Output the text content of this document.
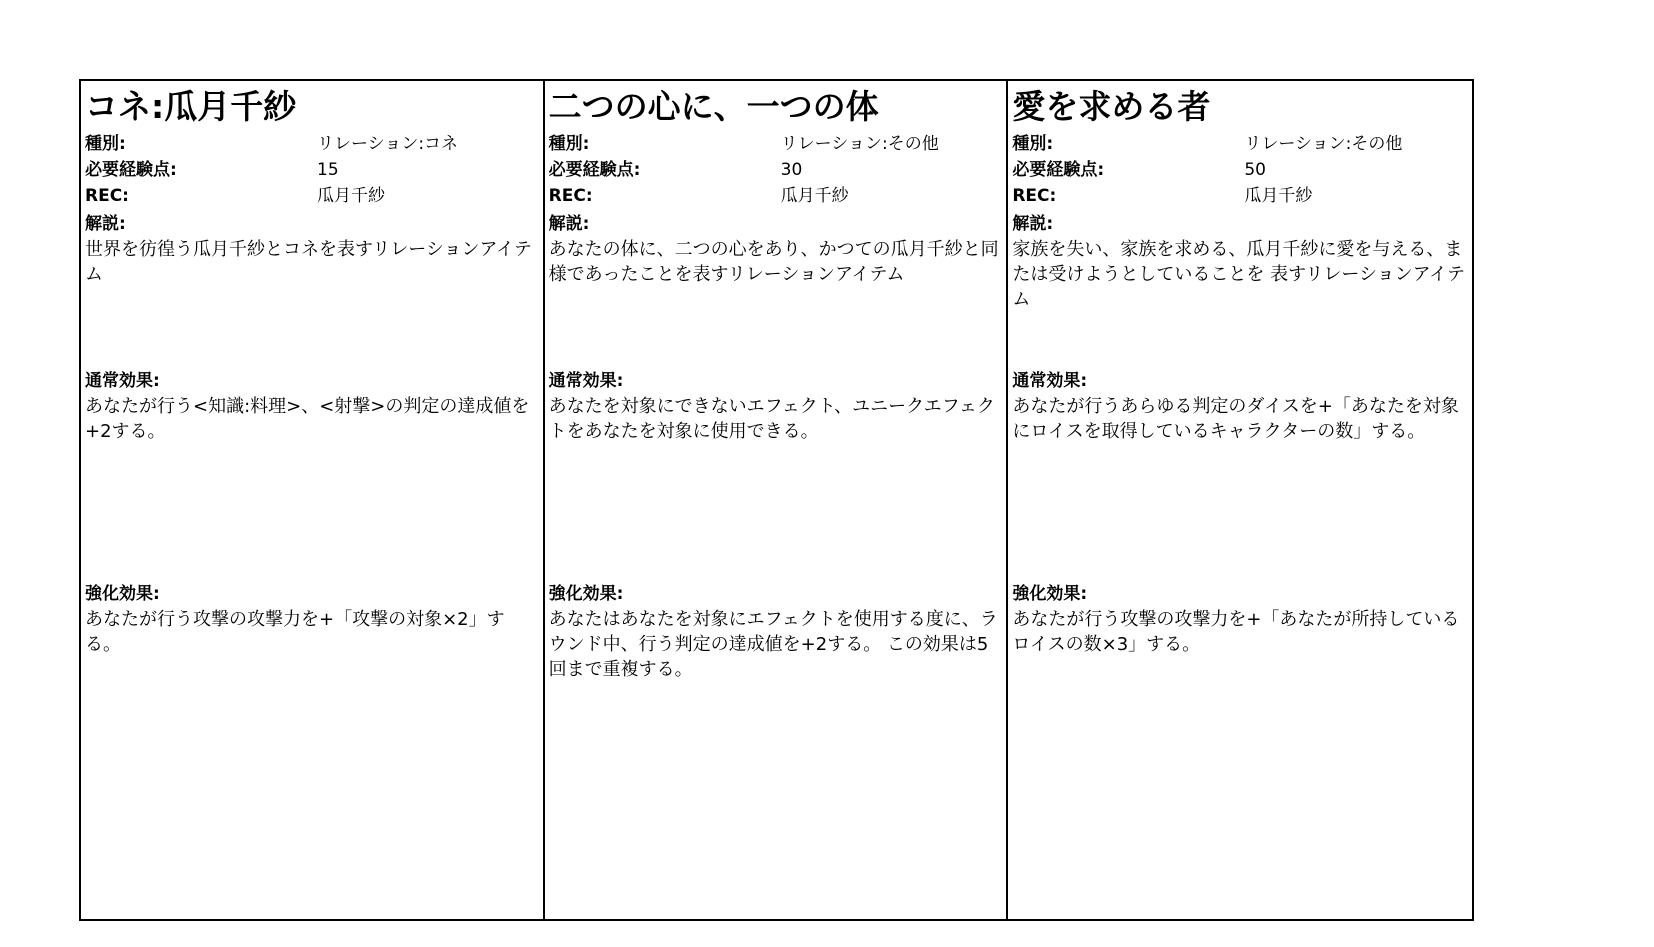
コネ:瓜月千紗
種別:	リレーション:コネ
必要経験点:	15
REC:	瓜月千紗
解説:
世界を彷徨う瓜月千紗とコネを表すリレーションアイテム
通常効果:
あなたが行う<知識:料理>、<射撃>の判定の達成値を+2する。
強化効果:
あなたが行う攻撃の攻撃力を+「攻撃の対象×2」する。
二つの心に、一つの体
種別:	リレーション:その他
必要経験点:	30
REC:	瓜月千紗
解説:
あなたの体に、二つの心をあり、かつての瓜月千紗と同様であったことを表すリレーションアイテム
通常効果:
あなたを対象にできないエフェクト、ユニークエフェクトをあなたを対象に使用できる。
強化効果:
あなたはあなたを対象にエフェクトを使用する度に、ラウンド中、行う判定の達成値を+2する。 この効果は5回まで重複する。
愛を求める者
種別:	リレーション:その他
必要経験点:	50
REC:	瓜月千紗
解説:
家族を失い、家族を求める、瓜月千紗に愛を与える、または受けようとしていることを 表すリレーションアイテム
通常効果:
あなたが行うあらゆる判定のダイスを+「あなたを対象にロイスを取得しているキャラクターの数」する。
強化効果:
あなたが行う攻撃の攻撃力を+「あなたが所持しているロイスの数×3」する。
